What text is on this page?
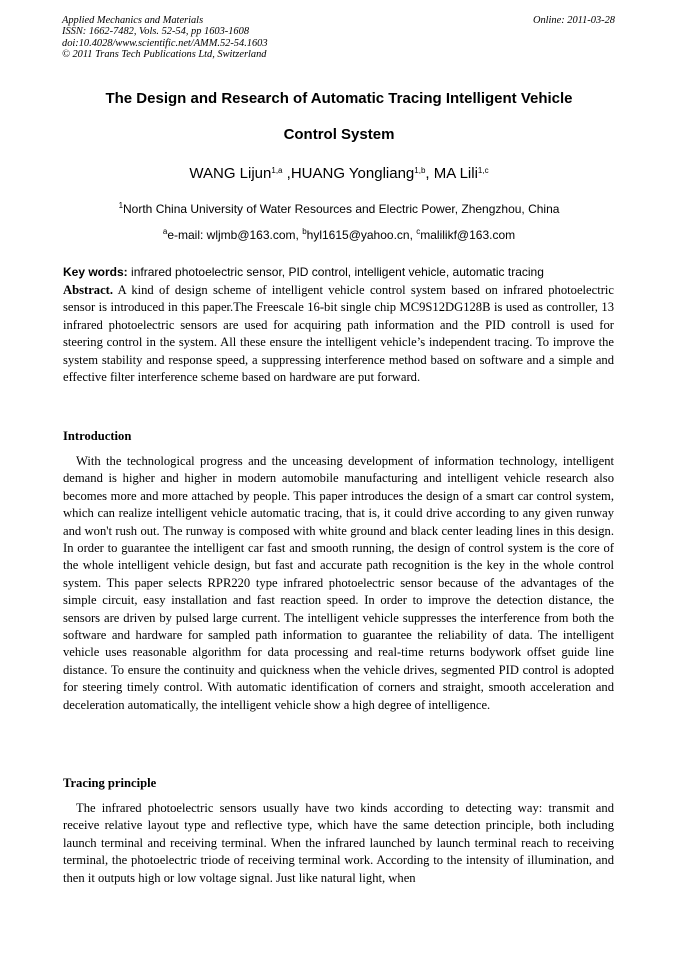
Applied Mechanics and Materials
ISSN: 1662-7482, Vols. 52-54, pp 1603-1608
doi:10.4028/www.scientific.net/AMM.52-54.1603
© 2011 Trans Tech Publications Ltd, Switzerland
Online: 2011-03-28
The Design and Research of Automatic Tracing Intelligent Vehicle
Control System
WANG Lijun$^{1,a}$ ,HUANG Yongliang$^{1,b}$, MA Lili$^{1,c}$
$^1$North China University of Water Resources and Electric Power, Zhengzhou, China
$^a$e-mail: wljmb@163.com, $^b$hyl1615@yahoo.cn, $^c$malilikf@163.com
Key words: infrared photoelectric sensor, PID control, intelligent vehicle, automatic tracing

Abstract. A kind of design scheme of intelligent vehicle control system based on infrared photoelectric sensor is introduced in this paper.The Freescale 16-bit single chip MC9S12DG128B is used as controller, 13 infrared photoelectric sensors are used for acquiring path information and the PID controll is used for steering control in the system. All these ensure the intelligent vehicle’s independent tracing. To improve the system stability and response speed, a suppressing interference method based on software and a simple and effective filter interference scheme based on hardware are put forward.

Introduction

With the technological progress and the unceasing development of information technology, intelligent demand is higher and higher in modern automobile manufacturing and intelligent vehicle research also becomes more and more attached by people. This paper introduces the design of a smart car control system, which can realize intelligent vehicle automatic tracing, that is, it could drive according to any given runway and won't rush out. The runway is composed with white ground and black center leading lines in this design. In order to guarantee the intelligent car fast and smooth running, the design of control system is the core of the whole intelligent vehicle design, but fast and accurate path recognition is the key in the whole control system. This paper selects RPR220 type infrared photoelectric sensor because of the advantages of the simple circuit, easy installation and fast reaction speed. In order to improve the detection distance, the sensors are driven by pulsed large current. The intelligent vehicle suppresses the interference from both the software and hardware for sampled path information to guarantee the reliability of data. The intelligent vehicle uses reasonable algorithm for data processing and real-time returns bodywork offset guide line distance. To ensure the continuity and quickness when the vehicle drives, segmented PID control is adopted for steering timely control. With automatic identification of corners and straight, smooth acceleration and deceleration automatically, the intelligent vehicle show a high degree of intelligence.

Tracing principle

The infrared photoelectric sensors usually have two kinds according to detecting way: transmit and receive relative layout type and reflective type, which have the same detection principle, both including launch terminal and receiving terminal. When the infrared launched by launch terminal reach to receiving terminal, the photoelectric triode of receiving terminal work. According to the intensity of illumination, and then it outputs high or low voltage signal. Just like natural light, when
